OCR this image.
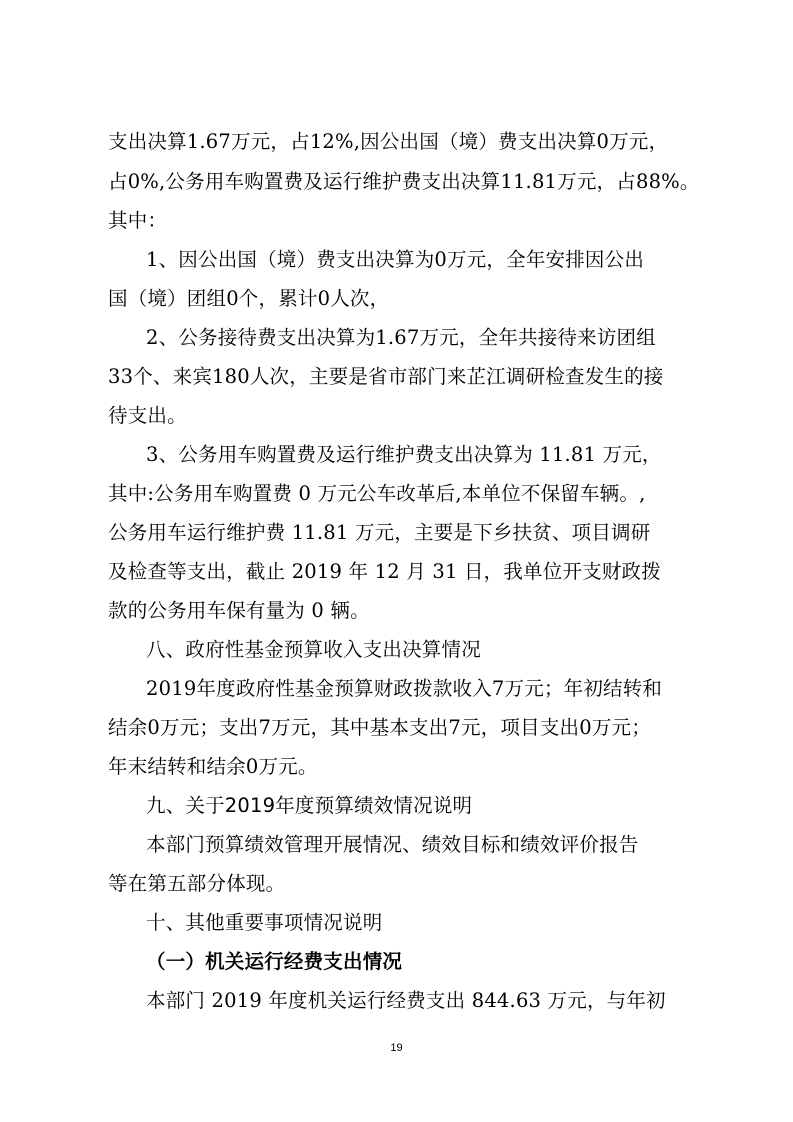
支出决算1.67万元，占12%,因公出国（境）费支出决算0万元，
占0%,公务用车购置费及运行维护费支出决算11.81万元，占88%。
其中：
1、因公出国（境）费支出决算为0万元，全年安排因公出
国（境）团组0个，累计0人次，
2、公务接待费支出决算为1.67万元，全年共接待来访团组
33个、来宾180人次，主要是省市部门来芷江调研检查发生的接
待支出。
3、公务用车购置费及运行维护费支出决算为 11.81 万元，
其中:公务用车购置费 0 万元公车改革后,本单位不保留车辆。,
公务用车运行维护费 11.81 万元，主要是下乡扶贫、项目调研
及检查等支出，截止 2019 年 12 月 31 日，我单位开支财政拨
款的公务用车保有量为 0 辆。
八、政府性基金预算收入支出决算情况
2019年度政府性基金预算财政拨款收入7万元；年初结转和
结余0万元；支出7万元，其中基本支出7元，项目支出0万元；
年末结转和结余0万元。
九、关于2019年度预算绩效情况说明
本部门预算绩效管理开展情况、绩效目标和绩效评价报告
等在第五部分体现。
十、其他重要事项情况说明
（一）机关运行经费支出情况
本部门 2019 年度机关运行经费支出 844.63 万元，与年初
19
